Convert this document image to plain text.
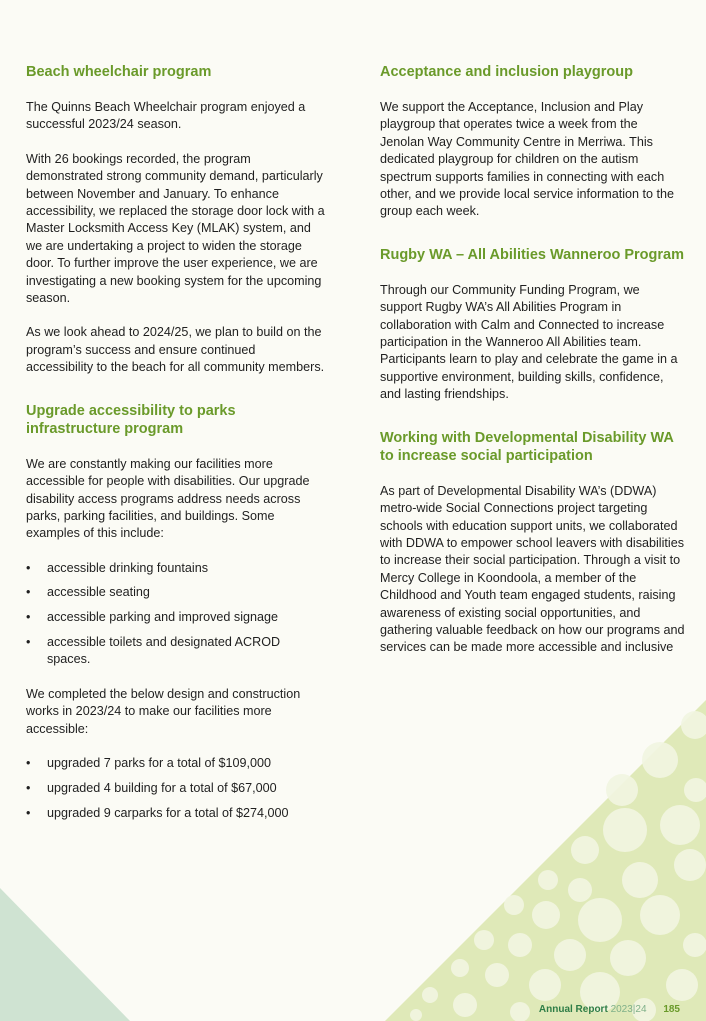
Beach wheelchair program

The Quinns Beach Wheelchair program enjoyed a successful 2023/24 season.

With 26 bookings recorded, the program demonstrated strong community demand, particularly between November and January. To enhance accessibility, we replaced the storage door lock with a Master Locksmith Access Key (MLAK) system, and we are undertaking a project to widen the storage door. To further improve the user experience, we are investigating a new booking system for the upcoming season.

As we look ahead to 2024/25, we plan to build on the program’s success and ensure continued accessibility to the beach for all community members.

Upgrade accessibility to parks infrastructure program

We are constantly making our facilities more accessible for people with disabilities. Our upgrade disability access programs address needs across parks, parking facilities, and buildings. Some examples of this include:

• accessible drinking fountains
• accessible seating
• accessible parking and improved signage
• accessible toilets and designated ACROD spaces.

We completed the below design and construction works in 2023/24 to make our facilities more accessible:

• upgraded 7 parks for a total of $109,000
• upgraded 4 building for a total of $67,000
• upgraded 9 carparks for a total of $274,000
Acceptance and inclusion playgroup

We support the Acceptance, Inclusion and Play playgroup that operates twice a week from the Jenolan Way Community Centre in Merriwa. This dedicated playgroup for children on the autism spectrum supports families in connecting with each other, and we provide local service information to the group each week.

Rugby WA – All Abilities Wanneroo Program

Through our Community Funding Program, we support Rugby WA’s All Abilities Program in collaboration with Calm and Connected to increase participation in the Wanneroo All Abilities team. Participants learn to play and celebrate the game in a supportive environment, building skills, confidence, and lasting friendships.

Working with Developmental Disability WA to increase social participation

As part of Developmental Disability WA’s (DDWA) metro-wide Social Connections project targeting schools with education support units, we collaborated with DDWA to empower school leavers with disabilities to increase their social participation. Through a visit to Mercy College in Koondoola, a member of the Childhood and Youth team engaged students, raising awareness of existing social opportunities, and gathering valuable feedback on how our programs and services can be made more accessible and inclusive

Annual Report 2023|24 185
